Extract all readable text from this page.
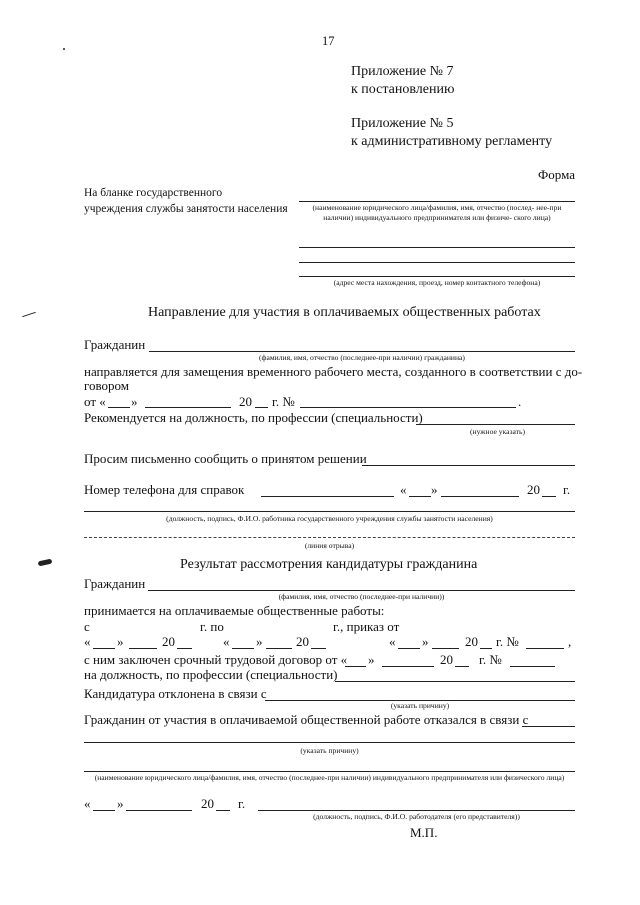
17
Приложение № 7
к постановлению
Приложение № 5
к административному регламенту
Форма
На бланке государственного
учреждения службы занятости населения	(наименование юридического лица/фамилия, имя, отчество (послед- нее-при наличии) индивидуального предпринимателя или физиче- ского лица)
(адрес места нахождения, проезд, номер контактного телефона)
Направление для участия в оплачиваемых общественных работах
Гражданин
(фамилия, имя, отчество (последнее-при наличии) гражданина)
направляется для замещения временного рабочего места, созданного в соответствии с до-
говором
от « »	20 г. №	.
Рекомендуется на должность, по профессии (специальности)
(нужное указать)
Просим письменно сообщить о принятом решении
Номер телефона для справок	« »	20 г.
(должность, подпись, Ф.И.О. работника государственного учреждения службы занятости населения)
(линия отрыва)
Результат рассмотрения кандидатуры гражданина
Гражданин
(фамилия, имя, отчество (последнее-при наличии))
принимается на оплачиваемые общественные работы:
с	г. по	г., приказ от
« »	20	« »	20	« »	20 г. №	,
с ним заключен срочный трудовой договор от « »	20 г. №
на должность, по профессии (специальности)
Кандидатура отклонена в связи с
(указать причину)
Гражданин от участия в оплачиваемой общественной работе отказался в связи с
(указать причину)
(наименование юридического лица/фамилия, имя, отчество (последнее-при наличии) индивидуального предпринимателя или физического лица)
« »	20 г.
(должность, подпись, Ф.И.О. работодателя (его представителя))
М.П.
